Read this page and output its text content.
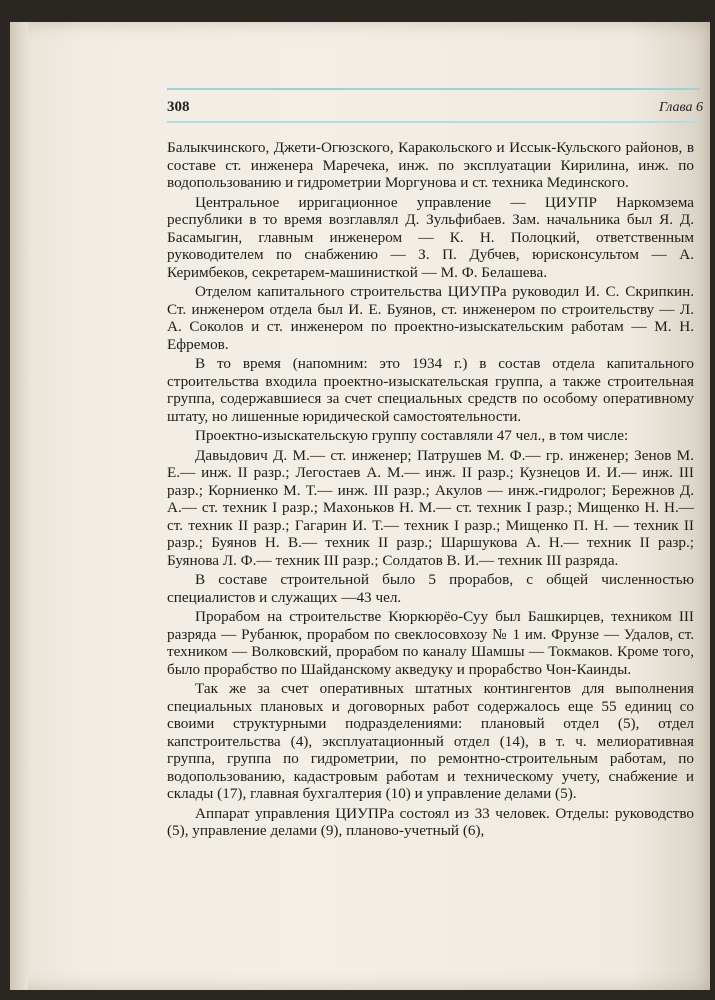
308	Глава 6

Балыкчинского, Джети-Огюзского, Каракольского и Иссык-Кульского районов, в составе ст. инженера Маречека, инж. по эксплуатации Кирилина, инж. по водопользованию и гидрометрии Моргунова и ст. техника Мединского.

Центральное ирригационное управление — ЦИУПР Наркомзема республики в то время возглавлял Д. Зульфибаев. Зам. начальника был Я. Д. Басамыгин, главным инженером — К. Н. Полоцкий, ответственным руководителем по снабжению — З. П. Дубчев, юрисконсультом — А. Керимбеков, секретарем-машинисткой — М. Ф. Белашева.

Отделом капитального строительства ЦИУПРа руководил И. С. Скрипкин. Ст. инженером отдела был И. Е. Буянов, ст. инженером по строительству — Л. А. Соколов и ст. инженером по проектно-изыскательским работам — М. Н. Ефремов.

В то время (напомним: это 1934 г.) в состав отдела капитального строительства входила проектно-изыскательская группа, а также строительная группа, содержавшиеся за счет специальных средств по особому оперативному штату, но лишенные юридической самостоятельности.

Проектно-изыскательскую группу составляли 47 чел., в том числе:

Давыдович Д. М.— ст. инженер; Патрушев М. Ф.— гр. инженер; Зенов М. Е.— инж. II разр.; Легостаев А. М.— инж. II разр.; Кузнецов И. И.— инж. III разр.; Корниенко М. Т.— инж. III разр.; Акулов — инж.-гидролог; Бережнов Д. А.— ст. техник I разр.; Махоньков Н. М.— ст. техник I разр.; Мищенко Н. Н.— ст. техник II разр.; Гагарин И. Т.— техник I разр.; Мищенко П. Н. — техник II разр.; Буянов Н. В.— техник II разр.; Шаршукова А. Н.— техник II разр.; Буянова Л. Ф.— техник III разр.; Солдатов В. И.— техник III разряда.

В составе строительной было 5 прорабов, с общей численностью специалистов и служащих —43 чел.

Прорабом на строительстве Кюркюрёо-Суу был Башкирцев, техником III разряда — Рубанюк, прорабом по свеклосовхозу № 1 им. Фрунзе — Удалов, ст. техником — Волковский, прорабом по каналу Шамшы — Токмаков. Кроме того, было прорабство по Шайданскому акведуку и прорабство Чон-Каинды.

Так же за счет оперативных штатных контингентов для выполнения специальных плановых и договорных работ содержалось еще 55 единиц со своими структурными подразделениями: плановый отдел (5), отдел капстроительства (4), эксплуатационный отдел (14), в т. ч. мелиоративная группа, группа по гидрометрии, по ремонтно-строительным работам, по водопользованию, кадастровым работам и техническому учету, снабжение и склады (17), главная бухгалтерия (10) и управление делами (5).

Аппарат управления ЦИУПРа состоял из 33 человек. Отделы: руководство (5), управление делами (9), планово-учетный (6),
